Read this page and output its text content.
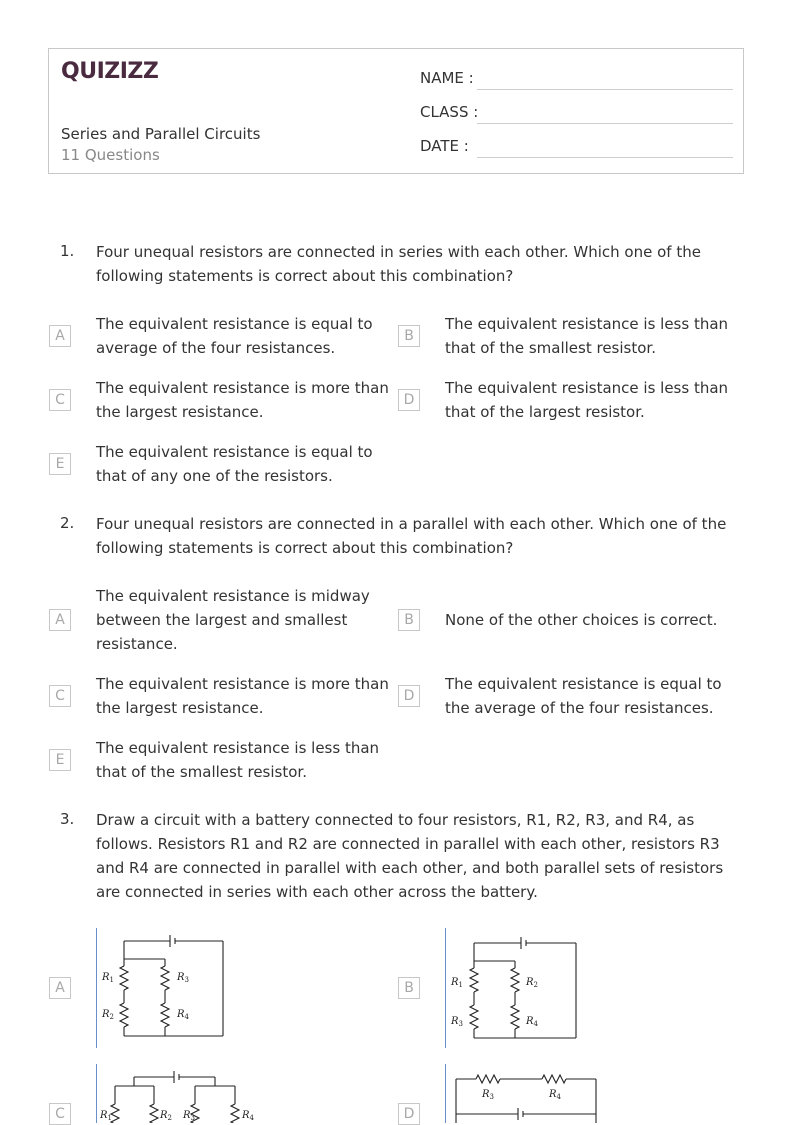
QUIZIZZ
Series and Parallel Circuits
11 Questions
NAME :
CLASS :
DATE :
1. Four unequal resistors are connected in series with each other. Which one of the following statements is correct about this combination?
A
The equivalent resistance is equal to average of the four resistances.
B
The equivalent resistance is less than that of the smallest resistor.
C
The equivalent resistance is more than the largest resistance.
D
The equivalent resistance is less than that of the largest resistor.
E
The equivalent resistance is equal to that of any one of the resistors.
2. Four unequal resistors are connected in a parallel with each other. Which one of the following statements is correct about this combination?
A
The equivalent resistance is midway between the largest and smallest resistance.
B	None of the other choices is correct.
C
The equivalent resistance is more than the largest resistance.
D
The equivalent resistance is equal to the average of the four resistances.
E
The equivalent resistance is less than that of the smallest resistor.
3. Draw a circuit with a battery connected to four resistors, R1, R2, R3, and R4, as follows. Resistors R1 and R2 are connected in parallel with each other, resistors R3 and R4 are connected in parallel with each other, and both parallel sets of resistors are connected in series with each other across the battery.
A
$R_1$
$R_2$
$R_3$
$R_4$
B	$R_1$
$R_3$
$R_2$
$R_4$
C	$R_1$	$R_2$ $R_3$	$R_4$	D
$R_3$	$R_4$
